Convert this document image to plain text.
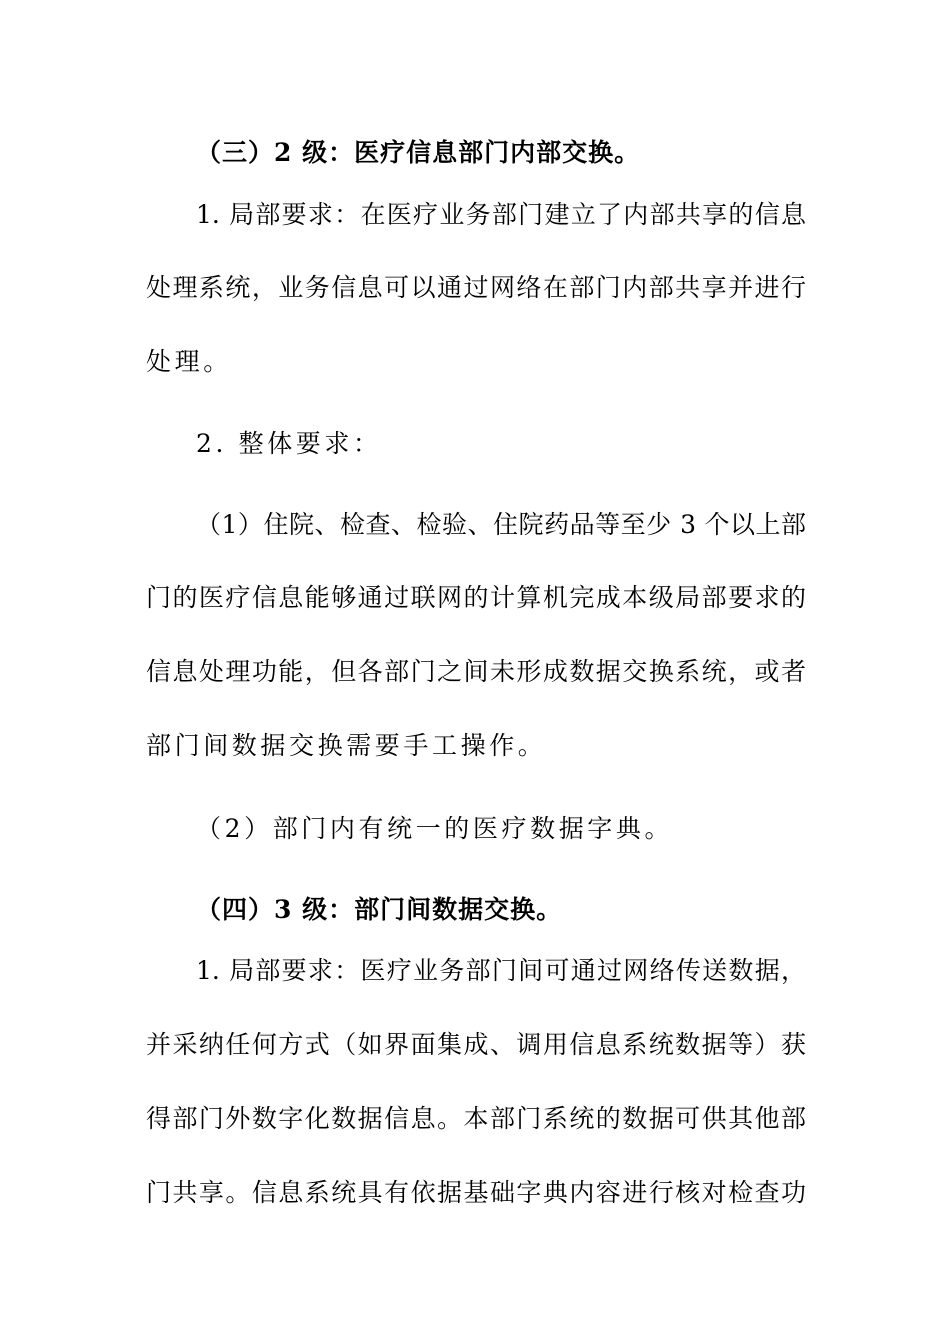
（三）2 级：医疗信息部门内部交换。
1. 局部要求：在医疗业务部门建立了内部共享的信息
处理系统，业务信息可以通过网络在部门内部共享并进行
处理。
2. 整体要求：
（1）住院、检查、检验、住院药品等至少 3 个以上部
门的医疗信息能够通过联网的计算机完成本级局部要求的
信息处理功能，但各部门之间未形成数据交换系统，或者
部门间数据交换需要手工操作。
（2）部门内有统一的医疗数据字典。
（四）3 级：部门间数据交换。
1. 局部要求：医疗业务部门间可通过网络传送数据，
并采纳任何方式（如界面集成、调用信息系统数据等）获
得部门外数字化数据信息。本部门系统的数据可供其他部
门共享。信息系统具有依据基础字典内容进行核对检查功
